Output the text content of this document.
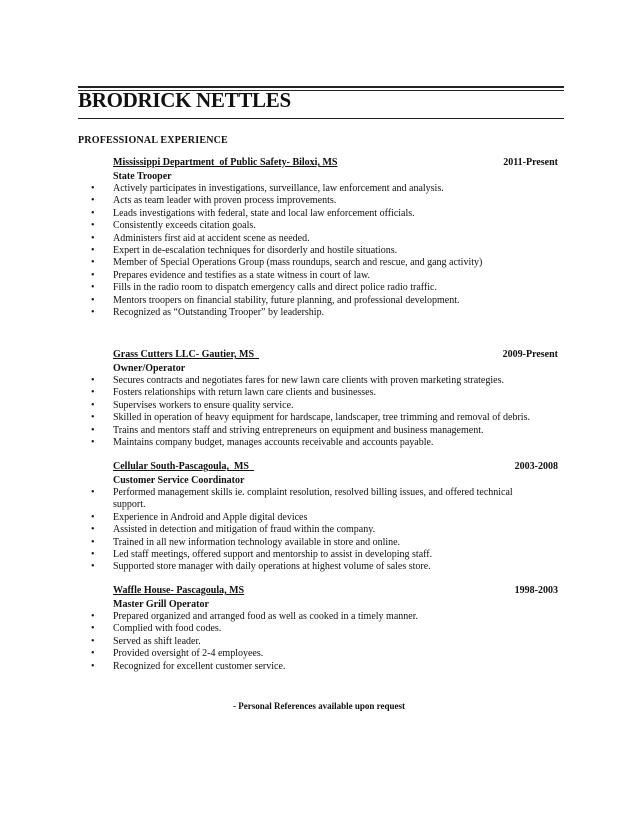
BRODRICK NETTLES
PROFESSIONAL EXPERIENCE
Mississippi Department  of Public Safety- Biloxi, MS	2011-Present
State Trooper
• Actively participates in investigations, surveillance, law enforcement and analysis.
• Acts as team leader with proven process improvements.
• Leads investigations with federal, state and local law enforcement officials.
• Consistently exceeds citation goals.
• Administers first aid at accident scene as needed.
• Expert in de-escalation techniques for disorderly and hostile situations.
• Member of Special Operations Group (mass roundups, search and rescue, and gang activity)
• Prepares evidence and testifies as a state witness in court of law.
• Fills in the radio room to dispatch emergency calls and direct police radio traffic.
• Mentors troopers on financial stability, future planning, and professional development.
• Recognized as “Outstanding Trooper” by leadership.
Grass Cutters LLC- Gautier, MS	2009-Present
Owner/Operator
• Secures contracts and negotiates fares for new lawn care clients with proven marketing strategies.
• Fosters relationships with return lawn care clients and businesses.
• Supervises workers to ensure quality service.
• Skilled in operation of heavy equipment for hardscape, landscaper, tree trimming and removal of debris.
• Trains and mentors staff and striving entrepreneurs on equipment and business management.
• Maintains company budget, manages accounts receivable and accounts payable.
Cellular South-Pascagoula,  MS	2003-2008
Customer Service Coordinator
• Performed management skills ie. complaint resolution, resolved billing issues, and offered technical support.
• Experience in Android and Apple digital devices
• Assisted in detection and mitigation of fraud within the company.
• Trained in all new information technology available in store and online.
• Led staff meetings, offered support and mentorship to assist in developing staff.
• Supported store manager with daily operations at highest volume of sales store.
Waffle House- Pascagoula, MS	1998-2003
Master Grill Operator
• Prepared organized and arranged food as well as cooked in a timely manner.
• Complied with food codes.
• Served as shift leader.
• Provided oversight of 2-4 employees.
• Recognized for excellent customer service.
- Personal References available upon request
